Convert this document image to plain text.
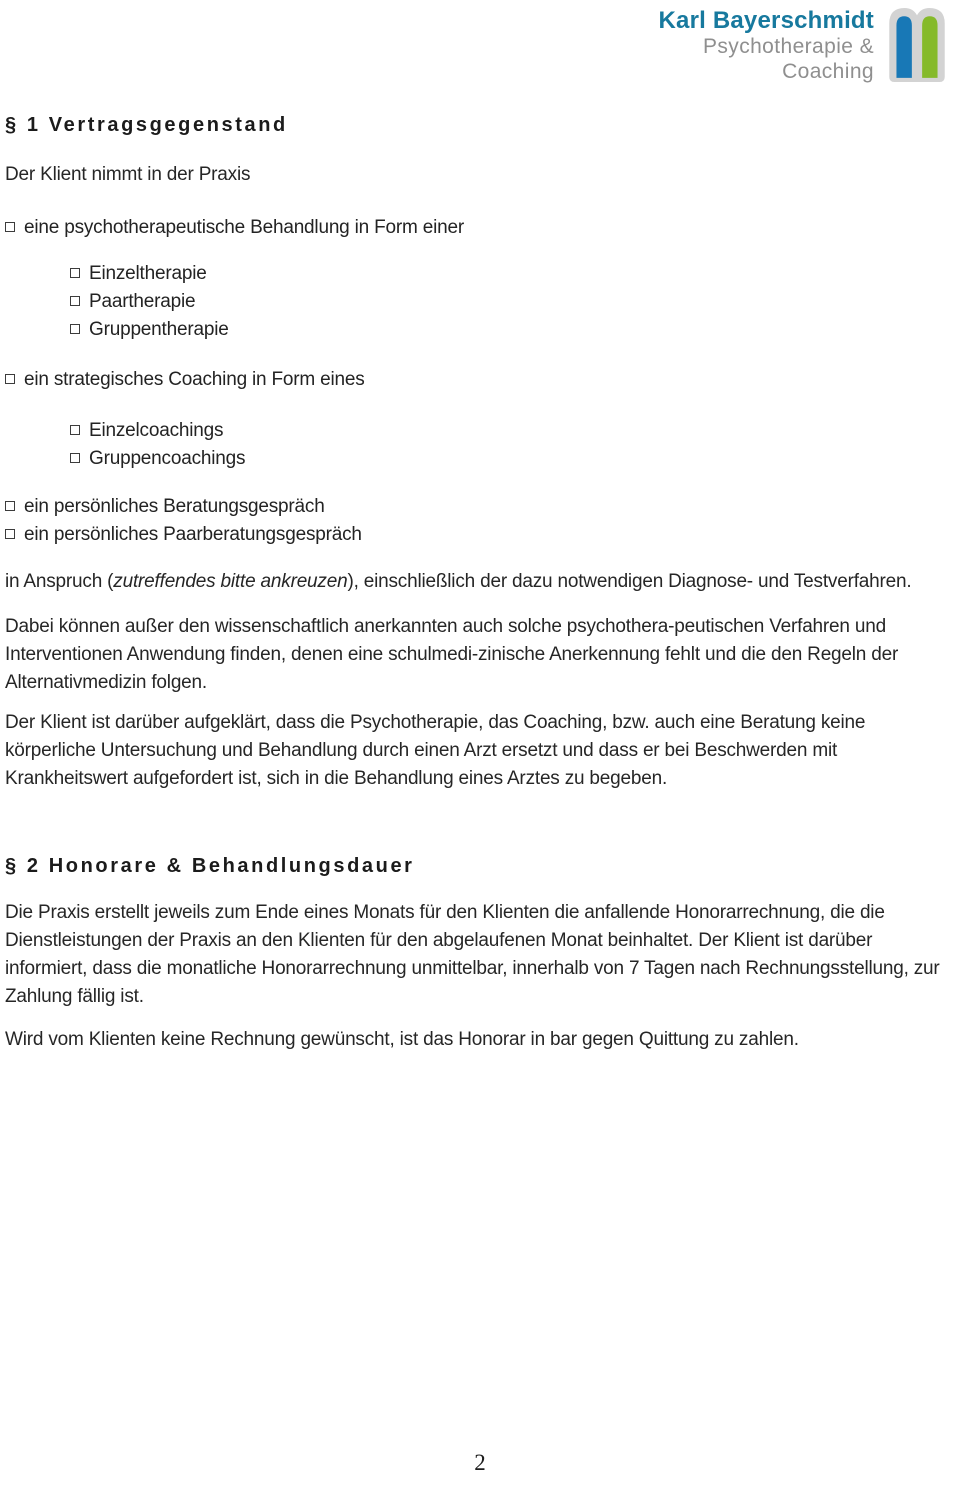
Karl Bayerschmidt
Psychotherapie &
Coaching
§ 1 Vertragsgegenstand

Der Klient nimmt in der Praxis

eine psychotherapeutische Behandlung in Form einer
Einzeltherapie
Paartherapie
Gruppentherapie
ein strategisches Coaching in Form eines
Einzelcoachings
Gruppencoachings
ein persönliches Beratungsgespräch
ein persönliches Paarberatungsgespräch

in Anspruch (zutreffendes bitte ankreuzen), einschließlich der dazu notwendigen Diagnose- und Testverfahren.

Dabei können außer den wissenschaftlich anerkannten auch solche psychothera-peutischen Verfahren und Interventionen Anwendung finden, denen eine schulmedi-zinische Anerkennung fehlt und die den Regeln der Alternativmedizin folgen.

Der Klient ist darüber aufgeklärt, dass die Psychotherapie, das Coaching, bzw. auch eine Beratung keine körperliche Untersuchung und Behandlung durch einen Arzt ersetzt und dass er bei Beschwerden mit Krankheitswert aufgefordert ist, sich in die Behandlung eines Arztes zu begeben.

§ 2 Honorare & Behandlungsdauer

Die Praxis erstellt jeweils zum Ende eines Monats für den Klienten die anfallende Honorarrechnung, die die Dienstleistungen der Praxis an den Klienten für den abgelaufenen Monat beinhaltet. Der Klient ist darüber informiert, dass die monatliche Honorarrechnung unmittelbar, innerhalb von 7 Tagen nach Rechnungsstellung, zur Zahlung fällig ist.

Wird vom Klienten keine Rechnung gewünscht, ist das Honorar in bar gegen Quittung zu zahlen.

2
